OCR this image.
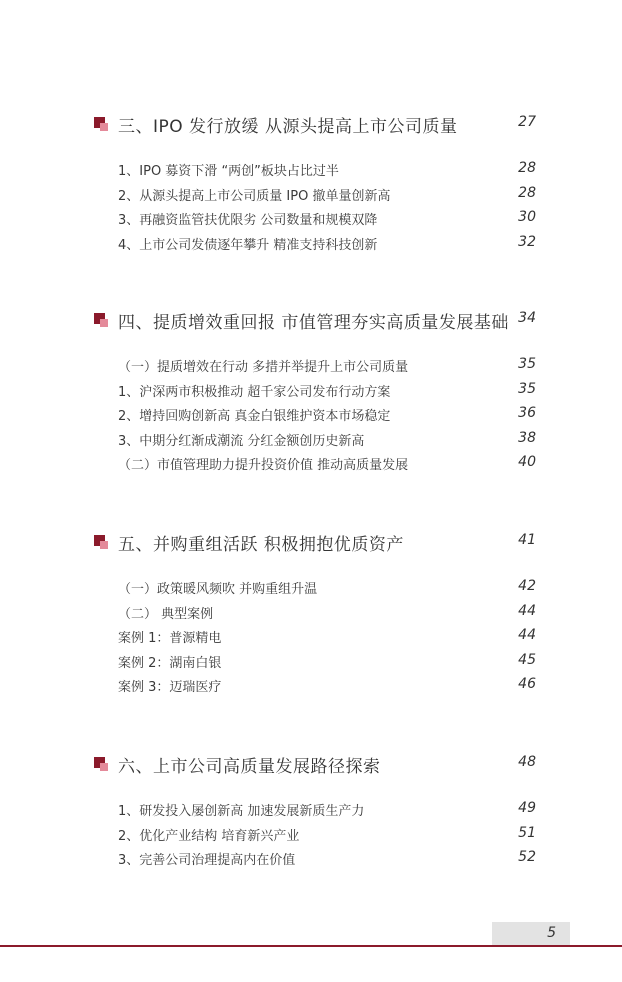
三、IPO 发行放缓 从源头提高上市公司质量	27
1、IPO 募资下滑 “两创”板块占比过半	28
2、从源头提高上市公司质量 IPO 撤单量创新高	28
3、再融资监管扶优限劣 公司数量和规模双降	30
4、上市公司发债逐年攀升 精准支持科技创新	32
四、提质增效重回报 市值管理夯实高质量发展基础 34
（一）提质增效在行动 多措并举提升上市公司质量	35
1、沪深两市积极推动 超千家公司发布行动方案	35
2、增持回购创新高 真金白银维护资本市场稳定	36
3、中期分红渐成潮流 分红金额创历史新高	38
（二）市值管理助力提升投资价值 推动高质量发展	40
五、并购重组活跃 积极拥抱优质资产	41
（一）政策暖风频吹 并购重组升温	42
（二） 典型案例	44
案例 1：普源精电	44
案例 2：湖南白银	45
案例 3：迈瑞医疗	46
六、上市公司高质量发展路径探索	48
1、研发投入屡创新高 加速发展新质生产力	49
2、优化产业结构 培育新兴产业	51
3、完善公司治理提高内在价值	52
5
